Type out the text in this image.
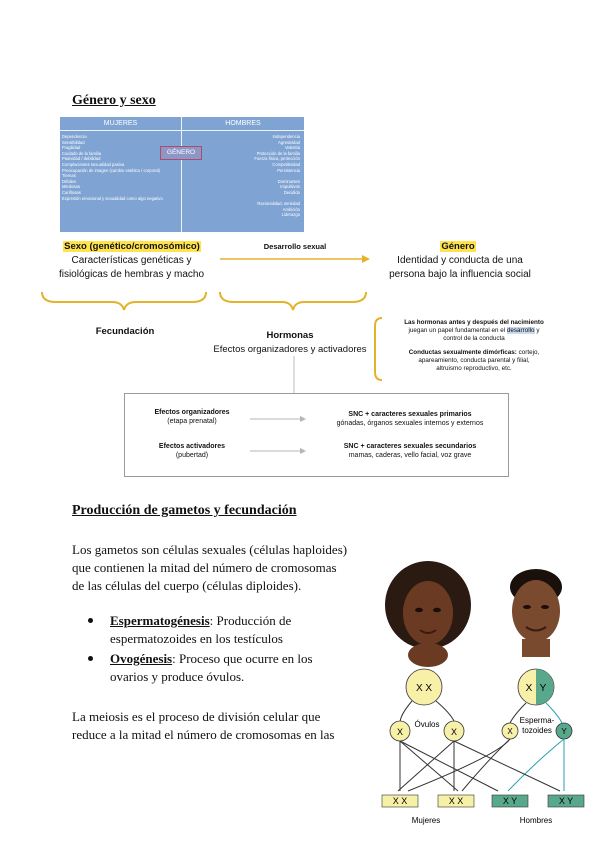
Género y sexo
MUJERES	HOMBRES
Dependencia
Sensibilidad
Fragilidad
Cuidado de la familia
Pasividad / debilidad
Complacientes sexualidad pasiva
Preocupación de imagen (cambio estético / corporal)
Tiernas
Débiles
Miedosas
Cariñosas
Expresión emocional y sexualidad como algo negativo
Independencia
Agresividad
Valentía
Protección de la familia
Fuerza física, protección
Competitividad
Persistencia

Dominantes
Impulsivos
Decidido

Racionalidad, seriedad
Ambición
Liderazgo
GÉNERO
Sexo (genético/cromosómico)
Características genéticas y
fisiológicas de hembras y macho
Desarrollo sexual	Género
Identidad y conducta de una
persona bajo la influencia social
Fecundación	Hormonas
Efectos organizadores y activadores
Las hormonas antes y después del nacimiento
juegan un papel fundamental en el desarrollo y
control de la conducta
Conductas sexualmente dimórficas: cortejo,
apareamiento, conducta parental y filial,
altruismo reproductivo, etc.
Efectos organizadores
(etapa prenatal)
SNC + caracteres sexuales primarios
gónadas, órganos sexuales internos y externos
Efectos activadores
(pubertad)
SNC + caracteres sexuales secundarios
mamas, caderas, vello facial, voz grave
Producción de gametos y fecundación
Los gametos son células sexuales (células haploides)
que contienen la mitad del número de cromosomas
de las células del cuerpo (células diploides).
Espermatogénesis: Producción de
espermatozoides en los testículos
Ovogénesis: Proceso que ocurre en los
ovarios y produce óvulos.
La meiosis es el proceso de división celular que
reduce a la mitad el número de cromosomas en las
X X	X Y
X	X
Óvulos
X	Y
Esperma-
tozoides
X X	X X	X Y	X Y
Mujeres	Hombres
